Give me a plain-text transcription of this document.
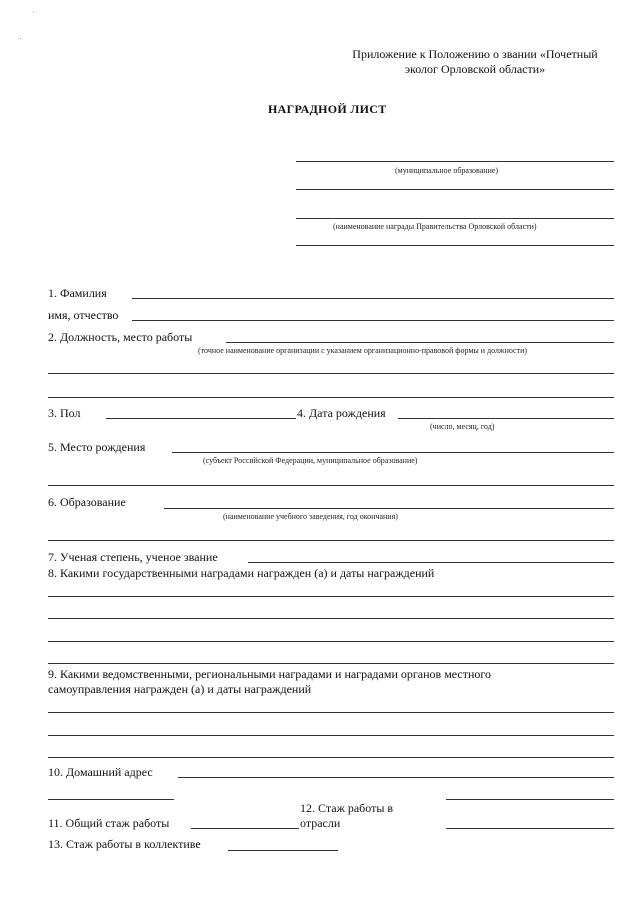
Приложение к Положению о звании «Почетный
эколог Орловской области»
НАГРАДНОЙ ЛИСТ
(муниципальное образование)
(наименование награды Правительства Орловской области)
1. Фамилия
имя, отчество
2. Должность, место работы
(точное наименование организации с указанием организационно-правовой формы и должности)
3. Пол	4. Дата рождения
(число, месяц, год)
5. Место рождения
(субъект Российской Федерации, муниципальное образование)
6. Образование
(наименование учебного заведения, год окончания)
7. Ученая степень, ученое звание
8. Какими государственными наградами награжден (а) и даты награждений
9. Какими ведомственными, региональными наградами и наградами органов местного
самоуправления награжден (а) и даты награждений
10. Домашний адрес
12. Стаж работы в
отрасли
11. Общий стаж работы
13. Стаж работы в коллективе
